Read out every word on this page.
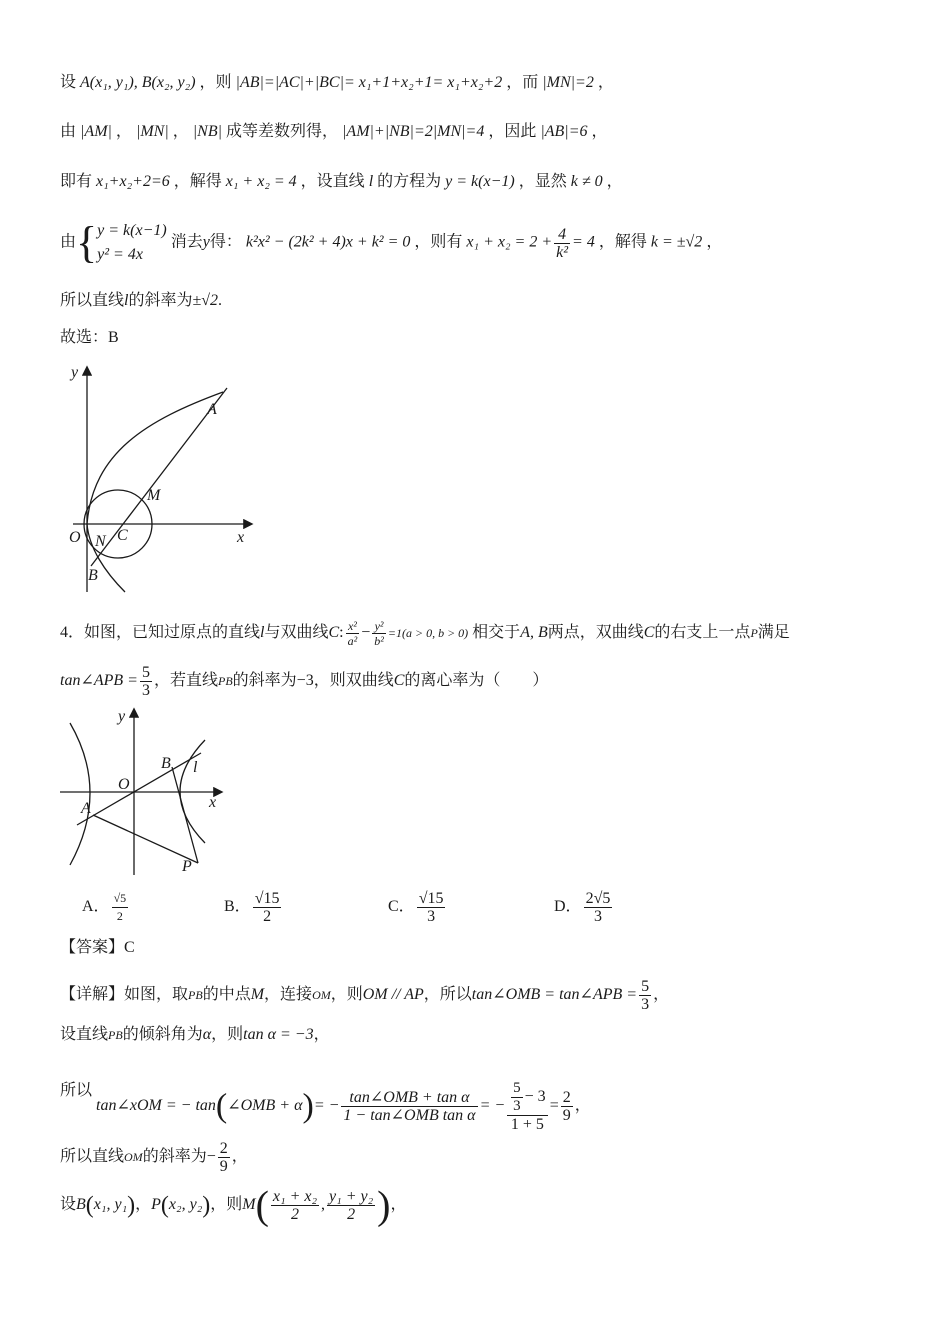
设 A(x₁, y₁), B(x₂, y₂) ，则 |AB|=|AC|+|BC|= x₁+1+x₂+1= x₁+x₂+2 ，而 |MN|=2 ，
由 |AM| ， |MN| ， |NB| 成等差数列得， |AM|+|NB|=2|MN|=4 ，因此 |AB|=6 ，
即有 x₁+x₂+2=6 ，解得 x₁ + x₂ = 4 ，设直线 l 的方程为 y = k(x−1) ，显然 k ≠ 0 ，
由{ y = k(x−1)
y² = 4x
消去y得： k²x² − (2k² + 4)x + k² = 0 ，则有 $x_1 + x_2 = 2 + \frac{4}{\text{k²}} = 4$ ，解得 k = ±√2 ，
所以直线l的斜率为±√2.
故选：B
y
x
O N C
M
A
B
4．如图，已知过原点的直线l与双曲线C: $\frac{\text{x²}}{\text{a²}} - \frac{\text{y²}}{\text{b²}} =1(a > 0$, b > 0) 相交于A, B两点，双曲线C的右支上一点P满足
tan∠APB = $\frac{5}{3}$ ，若直线PB的斜率为−3，则双曲线C的离心率为（　　）
y
x
O
B l
A
P
A． $\frac{√5}{2}$	B． $\frac{√15}{2}$	C． $\frac{√15}{3}$	D． $\frac{2√5}{3}$
【答案】C
【详解】如图，取PB的中点M，连接OM，则OM // AP，所以tan∠OMB = tan∠APB = $\frac{5}{3}$ ，
设直线PB的倾斜角为α，则tan α = −3，
所以 tan∠xOM = − tan(∠OMB + $\alpha)= - \frac{\text{tan∠OMB + tan α}}{\text{1 − tan∠OMB tan α}}$ = − $\frac{\frac{5}{3} - 3}{1 + 5} = \frac{2}{9}$ ，
所以直线OM的斜率为− $\frac{2}{9}$ ，
设B(x₁, y₁)，P(x₂, y₂)，则$M( \frac{\text{x₁ + x₂}}{2}$ , $\frac{\text{y₁ + y₂}}{2}$ )，
